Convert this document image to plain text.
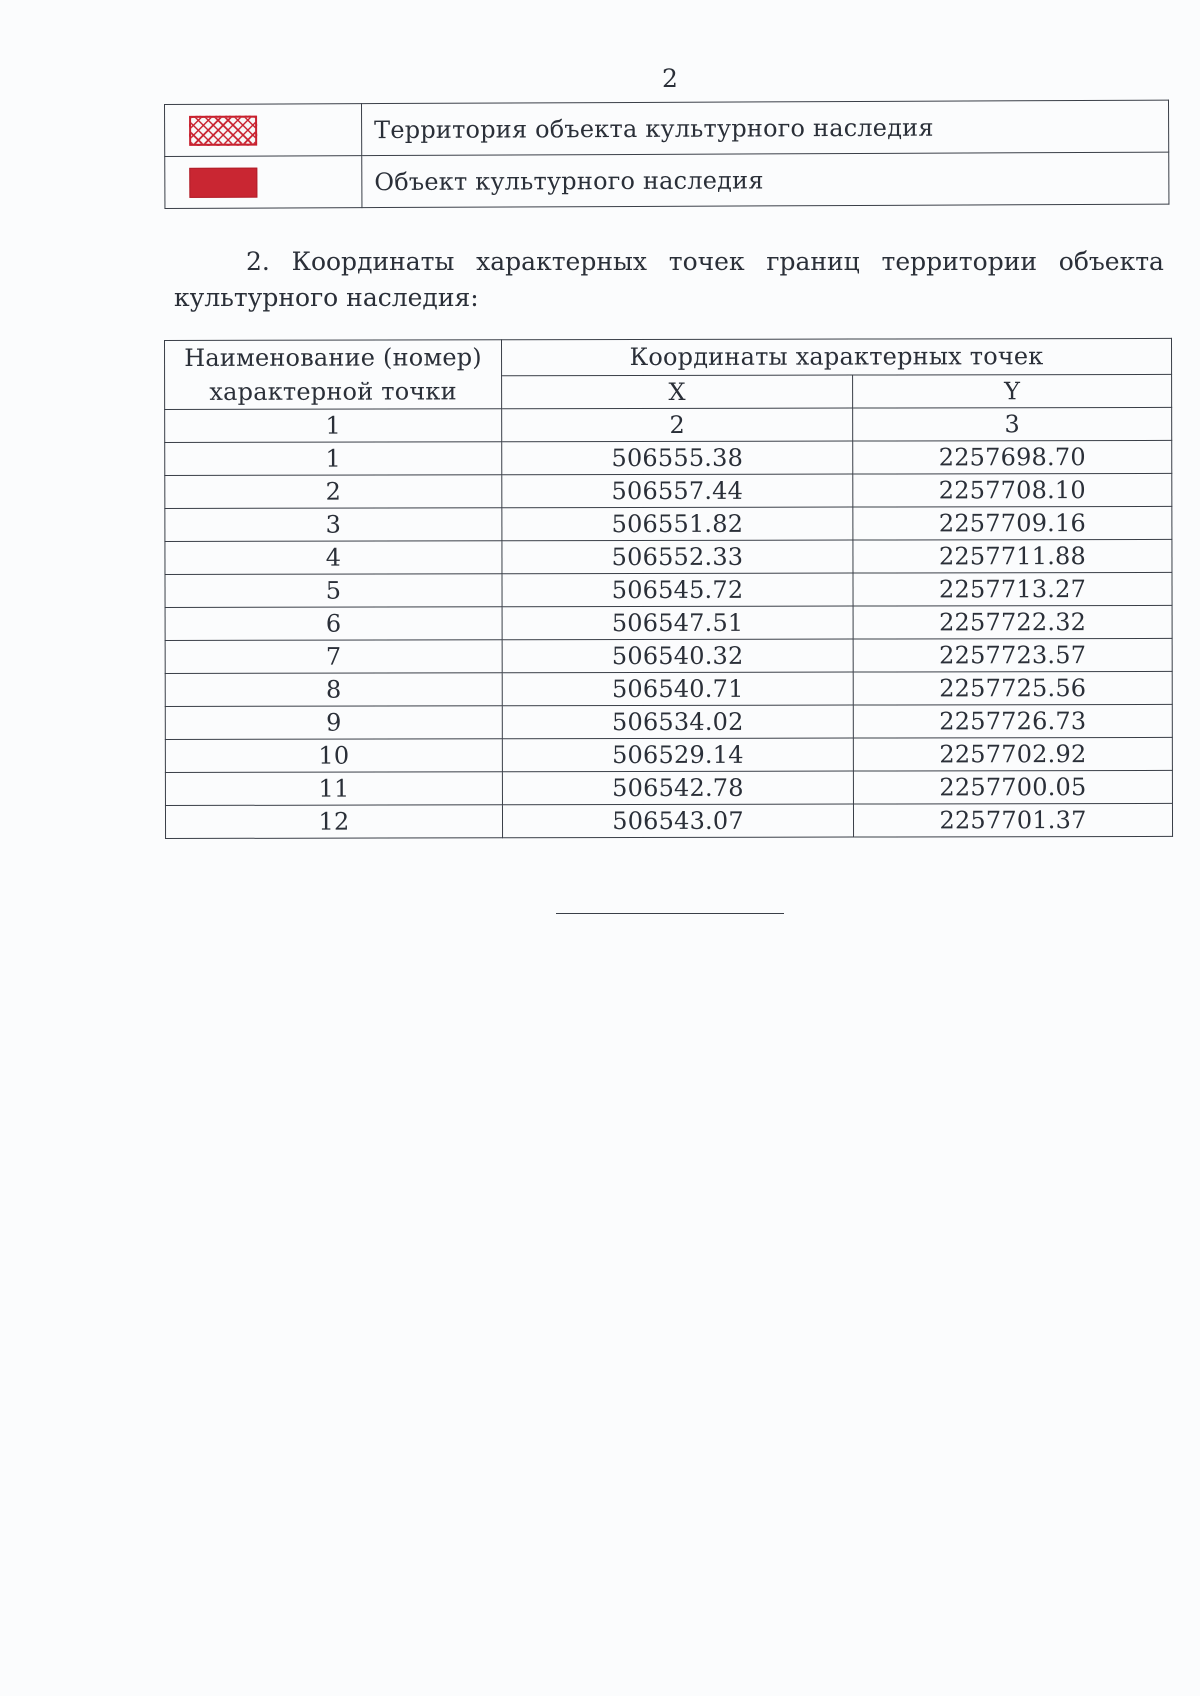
2
	Территория объекта культурного наследия

	Объект культурного наследия
2. Координаты характерных точек границ территории объекта
культурного наследия:
Наименование (номер) характерной точки	Координаты характерных точек	
	X	Y
1	2	3
1	506555.38	2257698.70
2	506557.44	2257708.10
3	506551.82	2257709.16
4	506552.33	2257711.88
5	506545.72	2257713.27
6	506547.51	2257722.32
7	506540.32	2257723.57
8	506540.71	2257725.56
9	506534.02	2257726.73
10	506529.14	2257702.92
11	506542.78	2257700.05
12	506543.07	2257701.37
